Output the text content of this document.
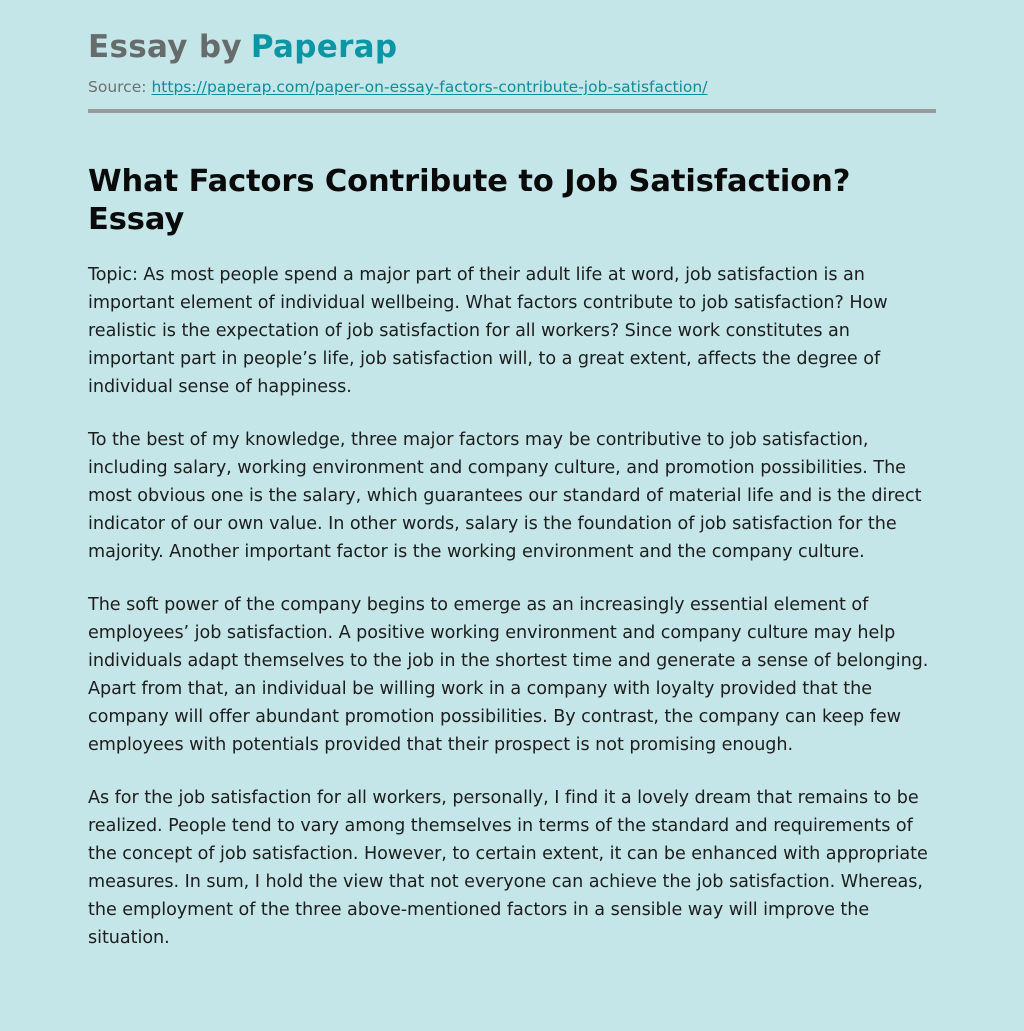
Essay by Paperap
Source: https://paperap.com/paper-on-essay-factors-contribute-job-satisfaction/
What Factors Contribute to Job Satisfaction? Essay

Topic: As most people spend a major part of their adult life at word, job satisfaction is an important element of individual wellbeing. What factors contribute to job satisfaction? How realistic is the expectation of job satisfaction for all workers? Since work constitutes an important part in people’s life, job satisfaction will, to a great extent, affects the degree of individual sense of happiness.

To the best of my knowledge, three major factors may be contributive to job satisfaction, including salary, working environment and company culture, and promotion possibilities. The most obvious one is the salary, which guarantees our standard of material life and is the direct indicator of our own value. In other words, salary is the foundation of job satisfaction for the majority. Another important factor is the working environment and the company culture.

The soft power of the company begins to emerge as an increasingly essential element of employees’ job satisfaction. A positive working environment and company culture may help individuals adapt themselves to the job in the shortest time and generate a sense of belonging. Apart from that, an individual be willing work in a company with loyalty provided that the company will offer abundant promotion possibilities. By contrast, the company can keep few employees with potentials provided that their prospect is not promising enough.

As for the job satisfaction for all workers, personally, I find it a lovely dream that remains to be realized. People tend to vary among themselves in terms of the standard and requirements of the concept of job satisfaction. However, to certain extent, it can be enhanced with appropriate measures. In sum, I hold the view that not everyone can achieve the job satisfaction. Whereas, the employment of the three above-mentioned factors in a sensible way will improve the situation.
